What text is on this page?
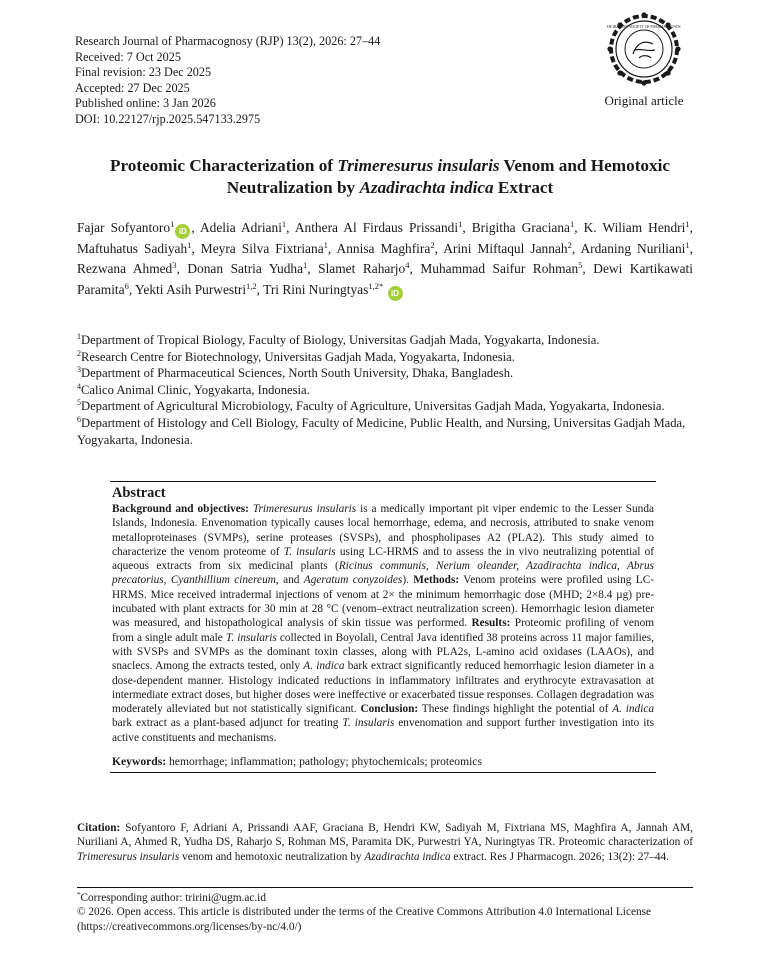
Research Journal of Pharmacognosy (RJP) 13(2), 2026: 27–44
Received: 7 Oct 2025
Final revision: 23 Dec 2025
Accepted: 27 Dec 2025
Published online: 3 Jan 2026
DOI: 10.22127/rjp.2025.547133.2975
THE IRANIAN SOCIETY OF PHARMACOGNOSY
Original article
Proteomic Characterization of Trimeresurus insularis Venom and Hemotoxic Neutralization by Azadirachta indica Extract
Fajar Sofyantoro$^1$iD , Adelia Adriani$^1$, Anthera Al Firdaus Prissandi$^1$, Brigitha Graciana$^1$, K. Wiliam Hendri$^1$, Maftuhatus Sadiyah$^1$, Meyra Silva Fixtriana$^1$, Annisa Maghfira$^2$, Arini Miftaqul Jannah$^2$, Ardaning Nuriliani$^1$, Rezwana Ahmed$^3$, Donan Satria Yudha$^1$, Slamet Raharjo$^4$, Muhammad Saifur Rohman$^5$, Dewi Kartikawati Paramita$^6$, Yekti Asih Purwestri$^{1,2}$, Tri Rini Nuringtyas$^{1,2*}$ iD
$^1$Department of Tropical Biology, Faculty of Biology, Universitas Gadjah Mada, Yogyakarta, Indonesia.
$^2$Research Centre for Biotechnology, Universitas Gadjah Mada, Yogyakarta, Indonesia.
$^3$Department of Pharmaceutical Sciences, North South University, Dhaka, Bangladesh.
$^4$Calico Animal Clinic, Yogyakarta, Indonesia.
$^5$Department of Agricultural Microbiology, Faculty of Agriculture, Universitas Gadjah Mada, Yogyakarta, Indonesia.
$^6$Department of Histology and Cell Biology, Faculty of Medicine, Public Health, and Nursing, Universitas Gadjah Mada, Yogyakarta, Indonesia.
Abstract

Background and objectives: Trimeresurus insularis is a medically important pit viper endemic to the Lesser Sunda Islands, Indonesia. Envenomation typically causes local hemorrhage, edema, and necrosis, attributed to snake venom metalloproteinases (SVMPs), serine proteases (SVSPs), and phospholipases A2 (PLA2). This study aimed to characterize the venom proteome of T. insularis using LC-HRMS and to assess the in vivo neutralizing potential of aqueous extracts from six medicinal plants (Ricinus communis, Nerium oleander, Azadirachta indica, Abrus precatorius, Cyanthillium cinereum, and Ageratum conyzoides). Methods: Venom proteins were profiled using LC-HRMS. Mice received intradermal injections of venom at 2× the minimum hemorrhagic dose (MHD; 2×8.4 µg) pre-incubated with plant extracts for 30 min at 28 °C (venom–extract neutralization screen). Hemorrhagic lesion diameter was measured, and histopathological analysis of skin tissue was performed. Results: Proteomic profiling of venom from a single adult male T. insularis collected in Boyolali, Central Java identified 38 proteins across 11 major families, with SVSPs and SVMPs as the dominant toxin classes, along with PLA2s, L-amino acid oxidases (LAAOs), and snaclecs. Among the extracts tested, only A. indica bark extract significantly reduced hemorrhagic lesion diameter in a dose-dependent manner. Histology indicated reductions in inflammatory infiltrates and erythrocyte extravasation at intermediate extract doses, but higher doses were ineffective or exacerbated tissue responses. Collagen degradation was moderately alleviated but not statistically significant. Conclusion: These findings highlight the potential of A. indica bark extract as a plant-based adjunct for treating T. insularis envenomation and support further investigation into its active constituents and mechanisms.

Keywords: hemorrhage; inflammation; pathology; phytochemicals; proteomics

Citation: Sofyantoro F, Adriani A, Prissandi AAF, Graciana B, Hendri KW, Sadiyah M, Fixtriana MS, Maghfira A, Jannah AM, Nuriliani A, Ahmed R, Yudha DS, Raharjo S, Rohman MS, Paramita DK, Purwestri YA, Nuringtyas TR. Proteomic characterization of Trimeresurus insularis venom and hemotoxic neutralization by Azadirachta indica extract. Res J Pharmacogn. 2026; 13(2): 27–44.

*Corresponding author: tririni@ugm.ac.id
© 2026. Open access. This article is distributed under the terms of the Creative Commons Attribution 4.0 International License (https://creativecommons.org/licenses/by-nc/4.0/)
